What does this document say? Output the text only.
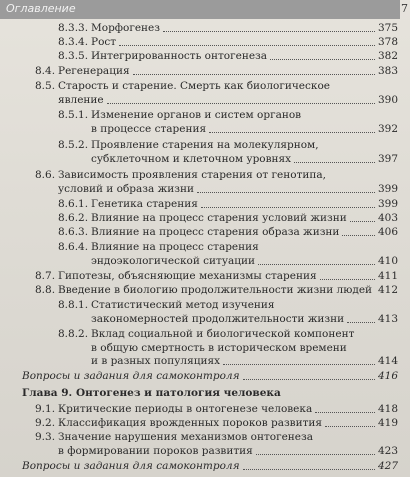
Оглавление	7
8.3.3. Морфогенез	375
8.3.4. Рост	378
8.3.5. Интегрированность онтогенеза	382
8.4. Регенерация	383
8.5. Старость и старение. Смерть как биологическое
явление	390
8.5.1. Изменение органов и систем органов
в процессе старения	392
8.5.2. Проявление старения на молекулярном,
субклеточном и клеточном уровнях	397
8.6. Зависимость проявления старения от генотипа,
условий и образа жизни	399
8.6.1. Генетика старения	399
8.6.2. Влияние на процесс старения условий жизни	403
8.6.3. Влияние на процесс старения образа жизни	406
8.6.4. Влияние на процесс старения
эндоэкологической ситуации	410
8.7. Гипотезы, объясняющие механизмы старения	411
8.8. Введение в биологию продолжительности жизни людей 412
8.8.1. Статистический метод изучения
закономерностей продолжительности жизни	413
8.8.2. Вклад социальной и биологической компонент
в общую смертность в историческом времени
и в разных популяциях	414
Вопросы и задания для самоконтроля	416
Глава 9. Онтогенез и патология человека
9.1. Критические периоды в онтогенезе человека	418
9.2. Классификация врожденных пороков развития	419
9.3. Значение нарушения механизмов онтогенеза
в формировании пороков развития	423
Вопросы и задания для самоконтроля	427
